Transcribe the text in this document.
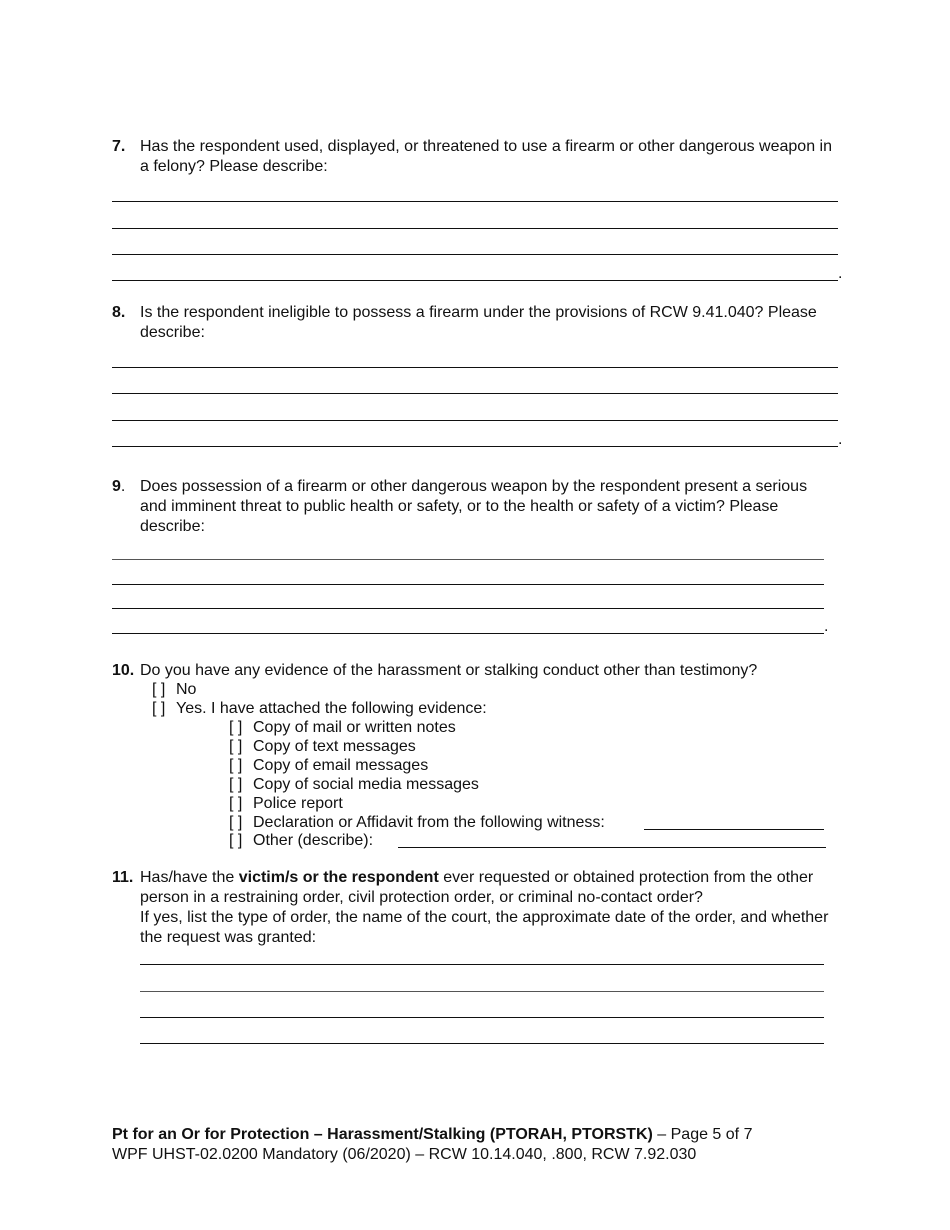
7. Has the respondent used, displayed, or threatened to use a firearm or other dangerous weapon in a felony? Please describe:
.
8. Is the respondent ineligible to possess a firearm under the provisions of RCW 9.41.040? Please describe:
.
9. Does possession of a firearm or other dangerous weapon by the respondent present a serious and imminent threat to public health or safety, or to the health or safety of a victim? Please describe:
.
10. Do you have any evidence of the harassment or stalking conduct other than testimony?
[ ] No
[ ] Yes. I have attached the following evidence:
[ ] Copy of mail or written notes
[ ] Copy of text messages
[ ] Copy of email messages
[ ] Copy of social media messages
[ ] Police report
[ ] Declaration or Affidavit from the following witness:
[ ] Other (describe):
11. Has/have the victim/s or the respondent ever requested or obtained protection from the other person in a restraining order, civil protection order, or criminal no-contact order?
If yes, list the type of order, the name of the court, the approximate date of the order, and whether the request was granted:
Pt for an Or for Protection – Harassment/Stalking (PTORAH, PTORSTK) – Page 5 of 7
WPF UHST-02.0200 Mandatory (06/2020) – RCW 10.14.040, .800, RCW 7.92.030
